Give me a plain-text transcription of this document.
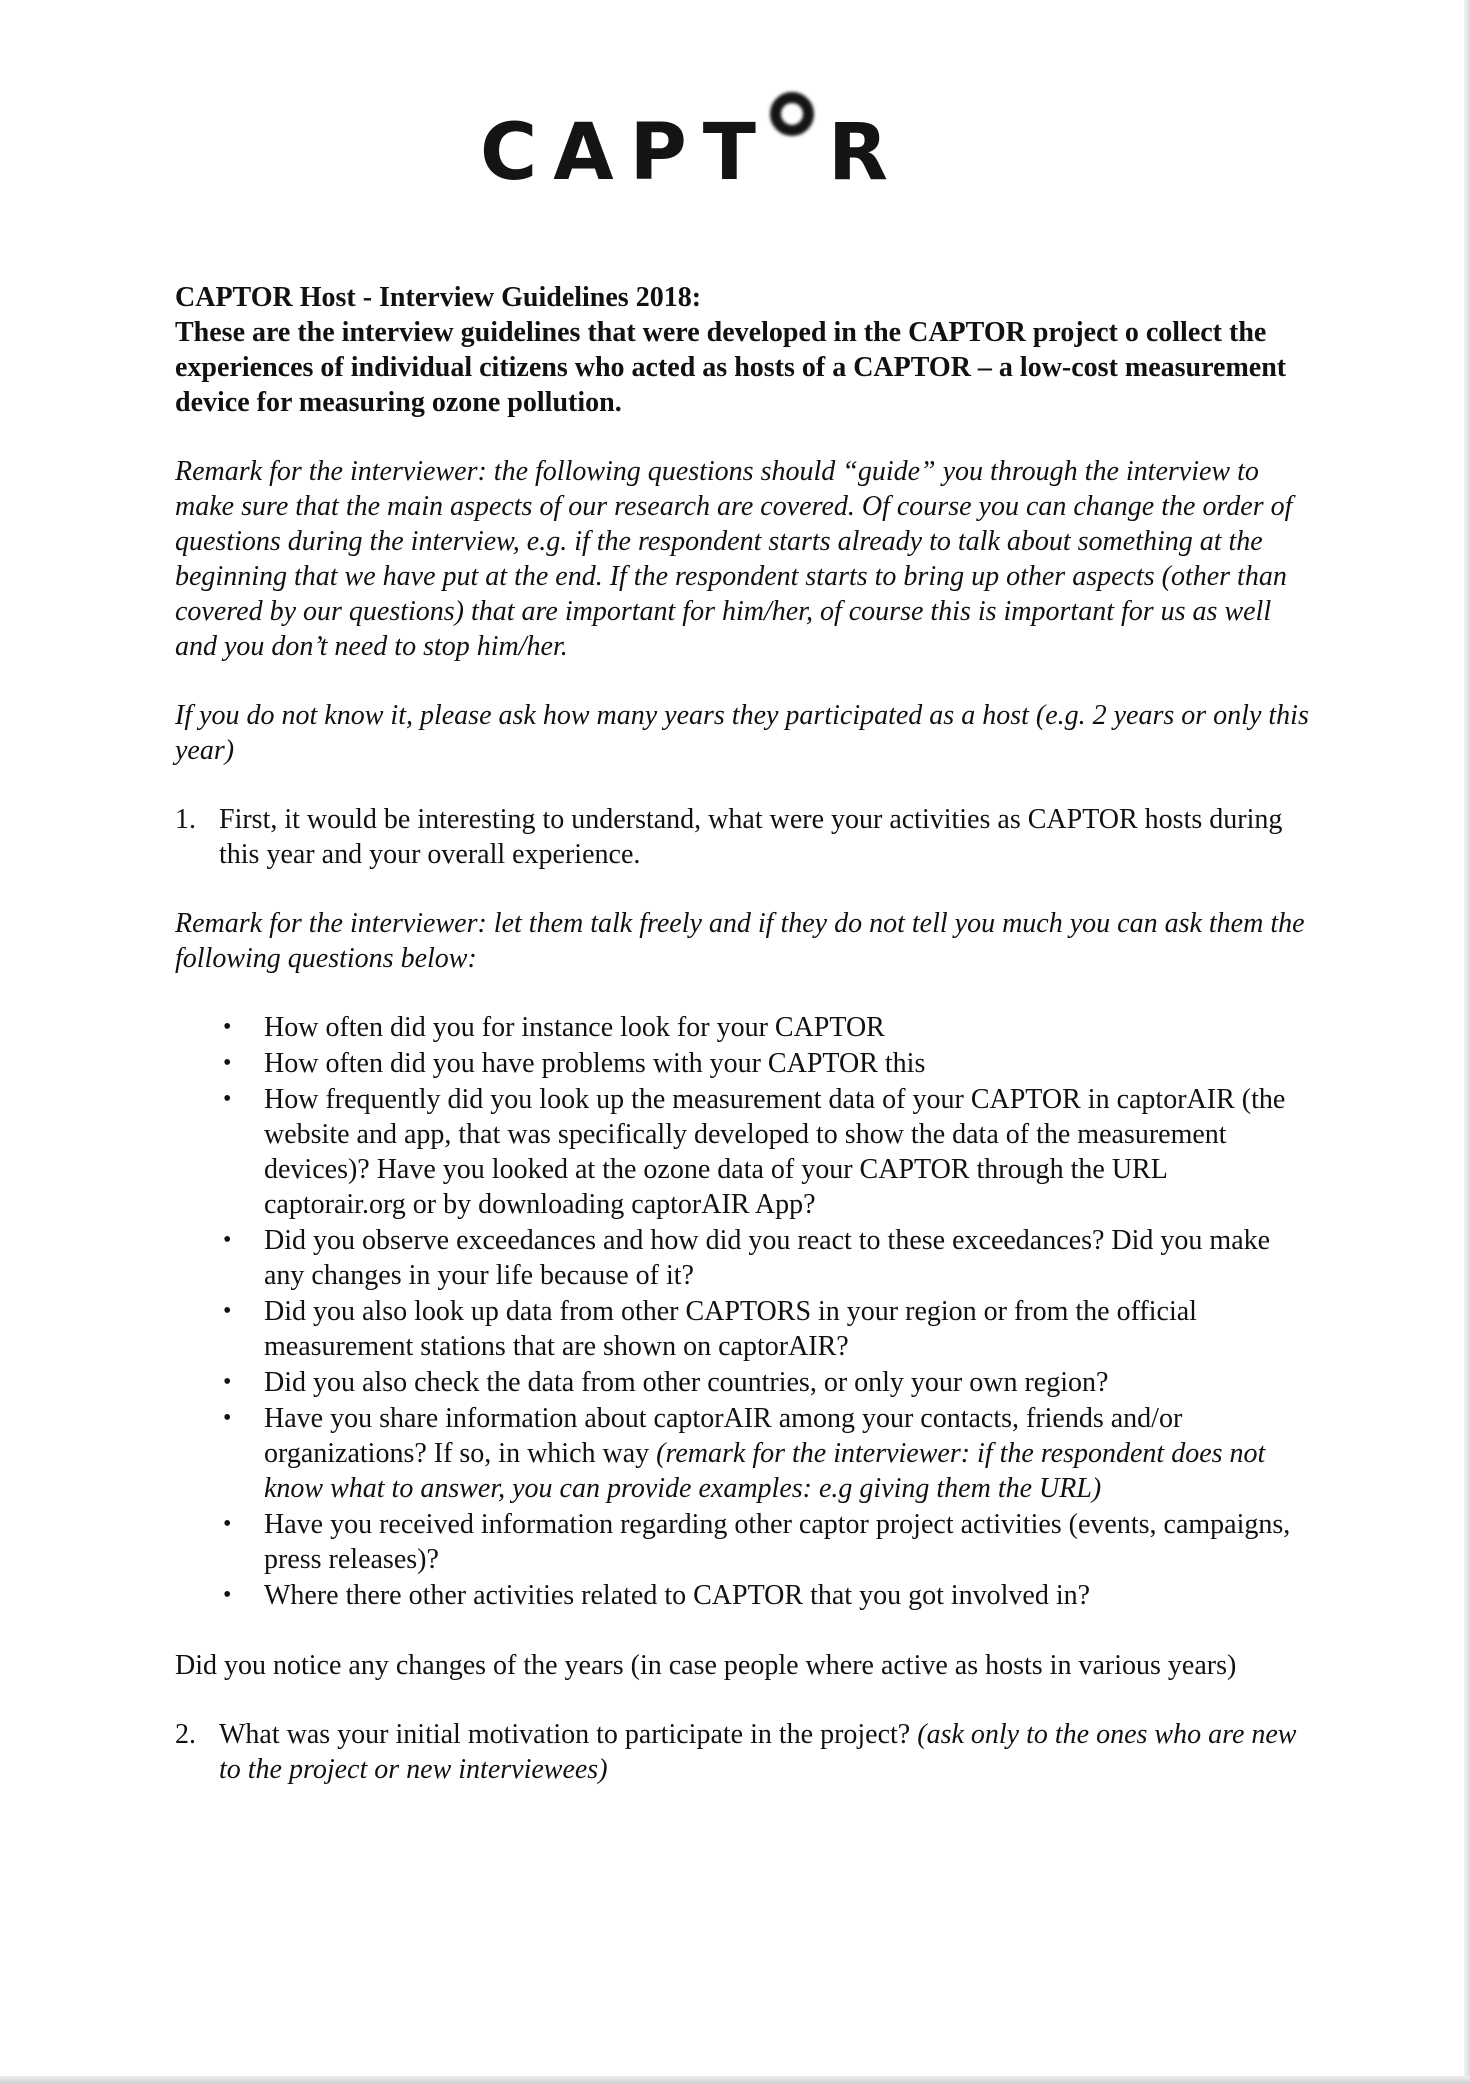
CAPT R

CAPTOR Host - Interview Guidelines 2018:

These are the interview guidelines that were developed in the CAPTOR project o collect the experiences of individual citizens who acted as hosts of a CAPTOR – a low-cost measurement device for measuring ozone pollution.

Remark for the interviewer: the following questions should “guide” you through the interview to make sure that the main aspects of our research are covered. Of course you can change the order of questions during the interview, e.g. if the respondent starts already to talk about something at the beginning that we have put at the end. If the respondent starts to bring up other aspects (other than covered by our questions) that are important for him/her, of course this is important for us as well and you don’t need to stop him/her.

If you do not know it, please ask how many years they participated as a host (e.g. 2 years or only this year)

1. First, it would be interesting to understand, what were your activities as CAPTOR hosts during this year and your overall experience.

Remark for the interviewer: let them talk freely and if they do not tell you much you can ask them the following questions below:

• How often did you for instance look for your CAPTOR
• How often did you have problems with your CAPTOR this
• How frequently did you look up the measurement data of your CAPTOR in captorAIR (the website and app, that was specifically developed to show the data of the measurement devices)? Have you looked at the ozone data of your CAPTOR through the URL captorair.org or by downloading captorAIR App?
• Did you observe exceedances and how did you react to these exceedances? Did you make any changes in your life because of it?
• Did you also look up data from other CAPTORS in your region or from the official measurement stations that are shown on captorAIR?
• Did you also check the data from other countries, or only your own region?
• Have you share information about captorAIR among your contacts, friends and/or organizations? If so, in which way (remark for the interviewer: if the respondent does not know what to answer, you can provide examples: e.g giving them the URL)
• Have you received information regarding other captor project activities (events, campaigns, press releases)?
• Where there other activities related to CAPTOR that you got involved in?

Did you notice any changes of the years (in case people where active as hosts in various years)

2. What was your initial motivation to participate in the project? (ask only to the ones who are new to the project or new interviewees)
